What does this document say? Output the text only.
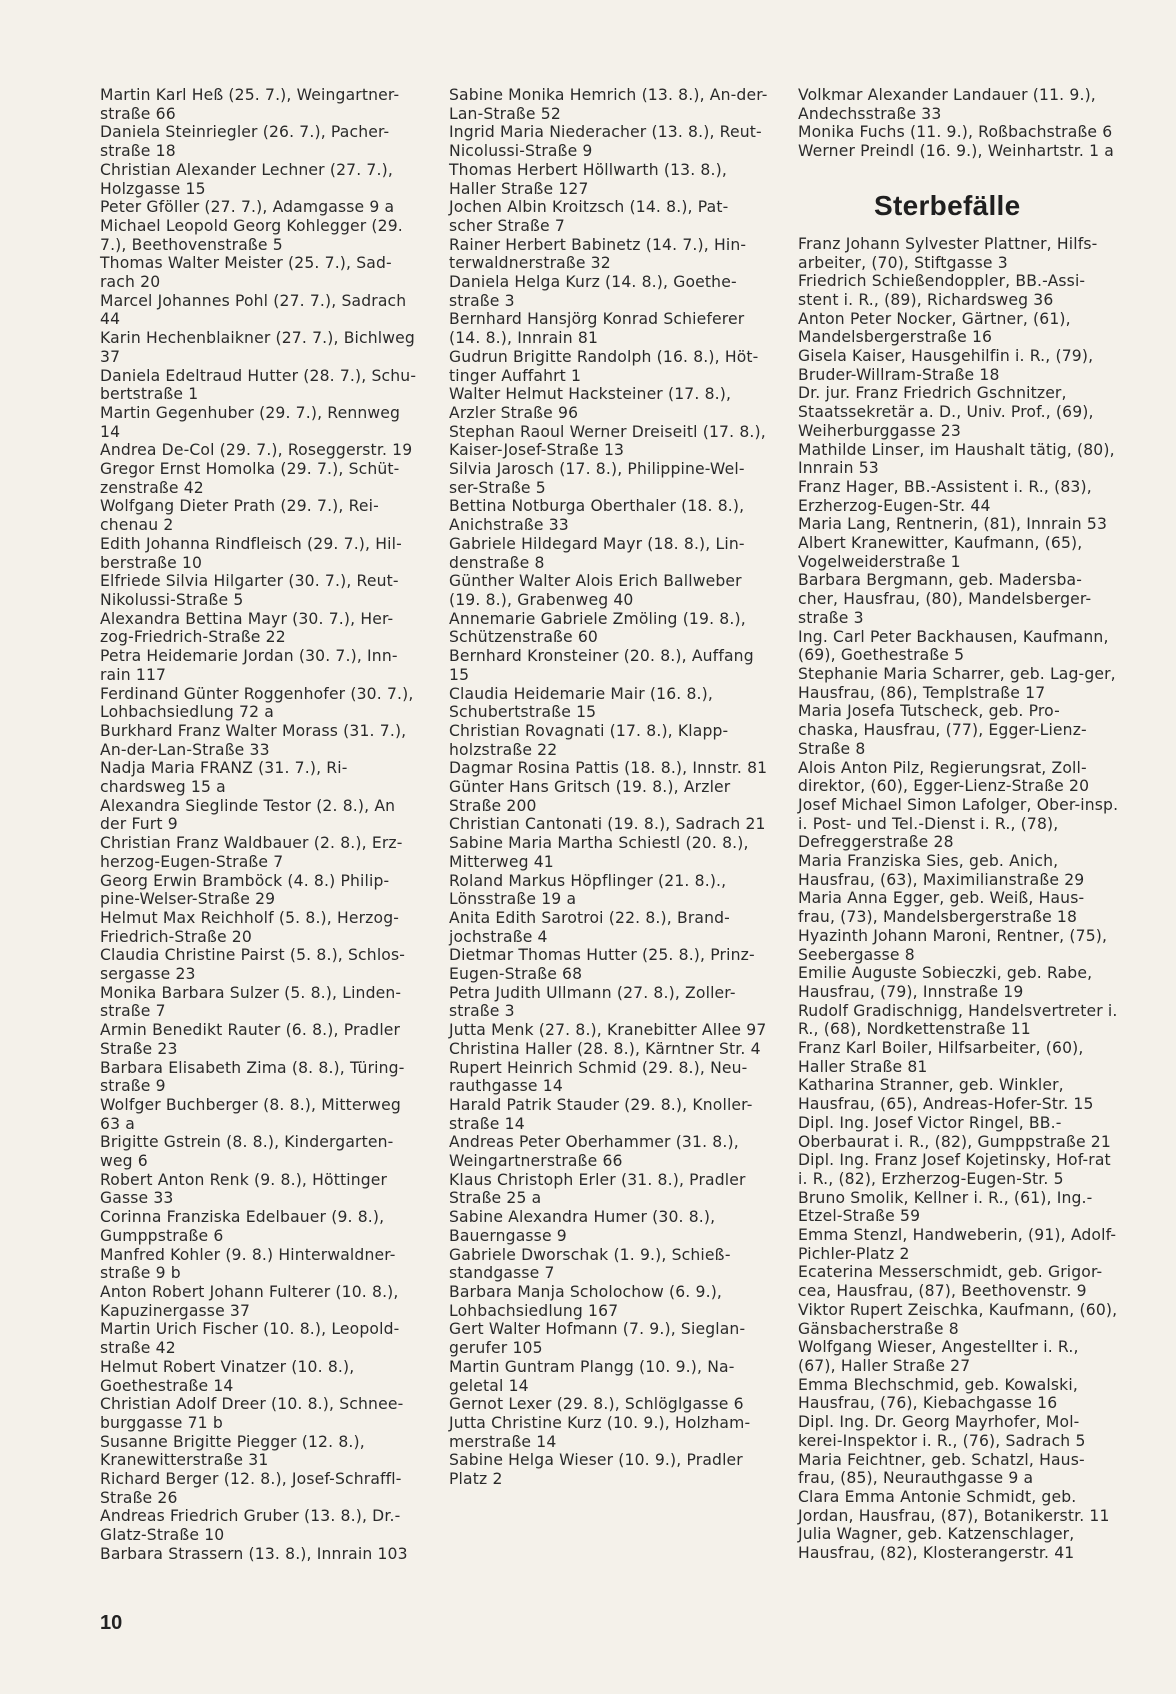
Martin Karl Heß (25. 7.), Weingartner-straße 66
Daniela Steinriegler (26. 7.), Pacher-straße 18
Christian Alexander Lechner (27. 7.), Holzgasse 15
Peter Gföller (27. 7.), Adamgasse 9 a
Michael Leopold Georg Kohlegger (29. 7.), Beethovenstraße 5
Thomas Walter Meister (25. 7.), Sad-rach 20
Marcel Johannes Pohl (27. 7.), Sadrach 44
Karin Hechenblaikner (27. 7.), Bichlweg 37
Daniela Edeltraud Hutter (28. 7.), Schu-bertstraße 1
Martin Gegenhuber (29. 7.), Rennweg 14
Andrea De-Col (29. 7.), Roseggerstr. 19
Gregor Ernst Homolka (29. 7.), Schüt-zenstraße 42
Wolfgang Dieter Prath (29. 7.), Rei-chenau 2
Edith Johanna Rindfleisch (29. 7.), Hil-berstraße 10
Elfriede Silvia Hilgarter (30. 7.), Reut-Nikolussi-Straße 5
Alexandra Bettina Mayr (30. 7.), Her-zog-Friedrich-Straße 22
Petra Heidemarie Jordan (30. 7.), Inn-rain 117
Ferdinand Günter Roggenhofer (30. 7.), Lohbachsiedlung 72 a
Burkhard Franz Walter Morass (31. 7.), An-der-Lan-Straße 33
Nadja Maria FRANZ (31. 7.), Ri-chardsweg 15 a
Alexandra Sieglinde Testor (2. 8.), An der Furt 9
Christian Franz Waldbauer (2. 8.), Erz-herzog-Eugen-Straße 7
Georg Erwin Bramböck (4. 8.) Philip-pine-Welser-Straße 29
Helmut Max Reichholf (5. 8.), Herzog-Friedrich-Straße 20
Claudia Christine Pairst (5. 8.), Schlos-sergasse 23
Monika Barbara Sulzer (5. 8.), Linden-straße 7
Armin Benedikt Rauter (6. 8.), Pradler Straße 23
Barbara Elisabeth Zima (8. 8.), Türing-straße 9
Wolfger Buchberger (8. 8.), Mitterweg 63 a
Brigitte Gstrein (8. 8.), Kindergarten-weg 6
Robert Anton Renk (9. 8.), Höttinger Gasse 33
Corinna Franziska Edelbauer (9. 8.), Gumppstraße 6
Manfred Kohler (9. 8.) Hinterwaldner-straße 9 b
Anton Robert Johann Fulterer (10. 8.), Kapuzinergasse 37
Martin Urich Fischer (10. 8.), Leopold-straße 42
Helmut Robert Vinatzer (10. 8.), Goethestraße 14
Christian Adolf Dreer (10. 8.), Schnee-burggasse 71 b
Susanne Brigitte Piegger (12. 8.), Kranewitterstraße 31
Richard Berger (12. 8.), Josef-Schraffl-Straße 26
Andreas Friedrich Gruber (13. 8.), Dr.-Glatz-Straße 10
Barbara Strassern (13. 8.), Innrain 103
Sabine Monika Hemrich (13. 8.), An-der-Lan-Straße 52
Ingrid Maria Niederacher (13. 8.), Reut-Nicolussi-Straße 9
Thomas Herbert Höllwarth (13. 8.), Haller Straße 127
Jochen Albin Kroitzsch (14. 8.), Pat-scher Straße 7
Rainer Herbert Babinetz (14. 7.), Hin-terwaldnerstraße 32
Daniela Helga Kurz (14. 8.), Goethe-straße 3
Bernhard Hansjörg Konrad Schieferer (14. 8.), Innrain 81
Gudrun Brigitte Randolph (16. 8.), Höt-tinger Auffahrt 1
Walter Helmut Hacksteiner (17. 8.), Arzler Straße 96
Stephan Raoul Werner Dreiseitl (17. 8.), Kaiser-Josef-Straße 13
Silvia Jarosch (17. 8.), Philippine-Wel-ser-Straße 5
Bettina Notburga Oberthaler (18. 8.), Anichstraße 33
Gabriele Hildegard Mayr (18. 8.), Lin-denstraße 8
Günther Walter Alois Erich Ballweber (19. 8.), Grabenweg 40
Annemarie Gabriele Zmöling (19. 8.), Schützenstraße 60
Bernhard Kronsteiner (20. 8.), Auffang 15
Claudia Heidemarie Mair (16. 8.), Schubertstraße 15
Christian Rovagnati (17. 8.), Klapp-holzstraße 22
Dagmar Rosina Pattis (18. 8.), Innstr. 81
Günter Hans Gritsch (19. 8.), Arzler Straße 200
Christian Cantonati (19. 8.), Sadrach 21
Sabine Maria Martha Schiestl (20. 8.), Mitterweg 41
Roland Markus Höpflinger (21. 8.)., Lönsstraße 19 a
Anita Edith Sarotroi (22. 8.), Brand-jochstraße 4
Dietmar Thomas Hutter (25. 8.), Prinz-Eugen-Straße 68
Petra Judith Ullmann (27. 8.), Zoller-straße 3
Jutta Menk (27. 8.), Kranebitter Allee 97
Christina Haller (28. 8.), Kärntner Str. 4
Rupert Heinrich Schmid (29. 8.), Neu-rauthgasse 14
Harald Patrik Stauder (29. 8.), Knoller-straße 14
Andreas Peter Oberhammer (31. 8.), Weingartnerstraße 66
Klaus Christoph Erler (31. 8.), Pradler Straße 25 a
Sabine Alexandra Humer (30. 8.), Bauerngasse 9
Gabriele Dworschak (1. 9.), Schieß-standgasse 7
Barbara Manja Scholochow (6. 9.), Lohbachsiedlung 167
Gert Walter Hofmann (7. 9.), Sieglan-gerufer 105
Martin Guntram Plangg (10. 9.), Na-geletal 14
Gernot Lexer (29. 8.), Schlöglgasse 6
Jutta Christine Kurz (10. 9.), Holzham-merstraße 14
Sabine Helga Wieser (10. 9.), Pradler Platz 2
Volkmar Alexander Landauer (11. 9.), Andechsstraße 33
Monika Fuchs (11. 9.), Roßbachstraße 6
Werner Preindl (16. 9.), Weinhartstr. 1 a
Sterbefälle
Franz Johann Sylvester Plattner, Hilfs-arbeiter, (70), Stiftgasse 3
Friedrich Schießendoppler, BB.-Assi-stent i. R., (89), Richardsweg 36
Anton Peter Nocker, Gärtner, (61), Mandelsbergerstraße 16
Gisela Kaiser, Hausgehilfin i. R., (79), Bruder-Willram-Straße 18
Dr. jur. Franz Friedrich Gschnitzer, Staatssekretär a. D., Univ. Prof., (69), Weiherburggasse 23
Mathilde Linser, im Haushalt tätig, (80), Innrain 53
Franz Hager, BB.-Assistent i. R., (83), Erzherzog-Eugen-Str. 44
Maria Lang, Rentnerin, (81), Innrain 53
Albert Kranewitter, Kaufmann, (65), Vogelweiderstraße 1
Barbara Bergmann, geb. Madersba-cher, Hausfrau, (80), Mandelsberger-straße 3
Ing. Carl Peter Backhausen, Kaufmann, (69), Goethestraße 5
Stephanie Maria Scharrer, geb. Lag-ger, Hausfrau, (86), Templstraße 17
Maria Josefa Tutscheck, geb. Pro-chaska, Hausfrau, (77), Egger-Lienz-Straße 8
Alois Anton Pilz, Regierungsrat, Zoll-direktor, (60), Egger-Lienz-Straße 20
Josef Michael Simon Lafolger, Ober-insp. i. Post- und Tel.-Dienst i. R., (78), Defreggerstraße 28
Maria Franziska Sies, geb. Anich, Hausfrau, (63), Maximilianstraße 29
Maria Anna Egger, geb. Weiß, Haus-frau, (73), Mandelsbergerstraße 18
Hyazinth Johann Maroni, Rentner, (75), Seebergasse 8
Emilie Auguste Sobieczki, geb. Rabe, Hausfrau, (79), Innstraße 19
Rudolf Gradischnigg, Handelsvertreter i. R., (68), Nordkettenstraße 11
Franz Karl Boiler, Hilfsarbeiter, (60), Haller Straße 81
Katharina Stranner, geb. Winkler, Hausfrau, (65), Andreas-Hofer-Str. 15
Dipl. Ing. Josef Victor Ringel, BB.-Oberbaurat i. R., (82), Gumppstraße 21
Dipl. Ing. Franz Josef Kojetinsky, Hof-rat i. R., (82), Erzherzog-Eugen-Str. 5
Bruno Smolik, Kellner i. R., (61), Ing.-Etzel-Straße 59
Emma Stenzl, Handweberin, (91), Adolf-Pichler-Platz 2
Ecaterina Messerschmidt, geb. Grigor-cea, Hausfrau, (87), Beethovenstr. 9
Viktor Rupert Zeischka, Kaufmann, (60), Gänsbacherstraße 8
Wolfgang Wieser, Angestellter i. R., (67), Haller Straße 27
Emma Blechschmid, geb. Kowalski, Hausfrau, (76), Kiebachgasse 16
Dipl. Ing. Dr. Georg Mayrhofer, Mol-kerei-Inspektor i. R., (76), Sadrach 5
Maria Feichtner, geb. Schatzl, Haus-frau, (85), Neurauthgasse 9 a
Clara Emma Antonie Schmidt, geb. Jordan, Hausfrau, (87), Botanikerstr. 11
Julia Wagner, geb. Katzenschlager, Hausfrau, (82), Klosterangerstr. 41
10
